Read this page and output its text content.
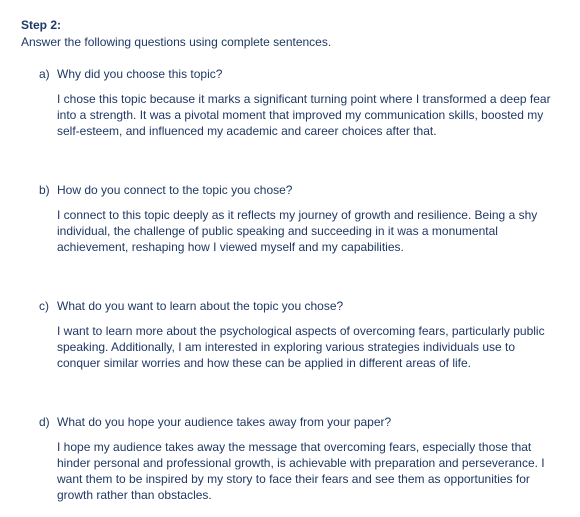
Step 2:

Answer the following questions using complete sentences.

a) Why did you choose this topic?

I chose this topic because it marks a significant turning point where I transformed a deep fear into a strength. It was a pivotal moment that improved my communication skills, boosted my self-esteem, and influenced my academic and career choices after that.

b) How do you connect to the topic you chose?

I connect to this topic deeply as it reflects my journey of growth and resilience. Being a shy individual, the challenge of public speaking and succeeding in it was a monumental achievement, reshaping how I viewed myself and my capabilities.

c) What do you want to learn about the topic you chose?

I want to learn more about the psychological aspects of overcoming fears, particularly public speaking. Additionally, I am interested in exploring various strategies individuals use to conquer similar worries and how these can be applied in different areas of life.

d) What do you hope your audience takes away from your paper?

I hope my audience takes away the message that overcoming fears, especially those that hinder personal and professional growth, is achievable with preparation and perseverance. I want them to be inspired by my story to face their fears and see them as opportunities for growth rather than obstacles.
